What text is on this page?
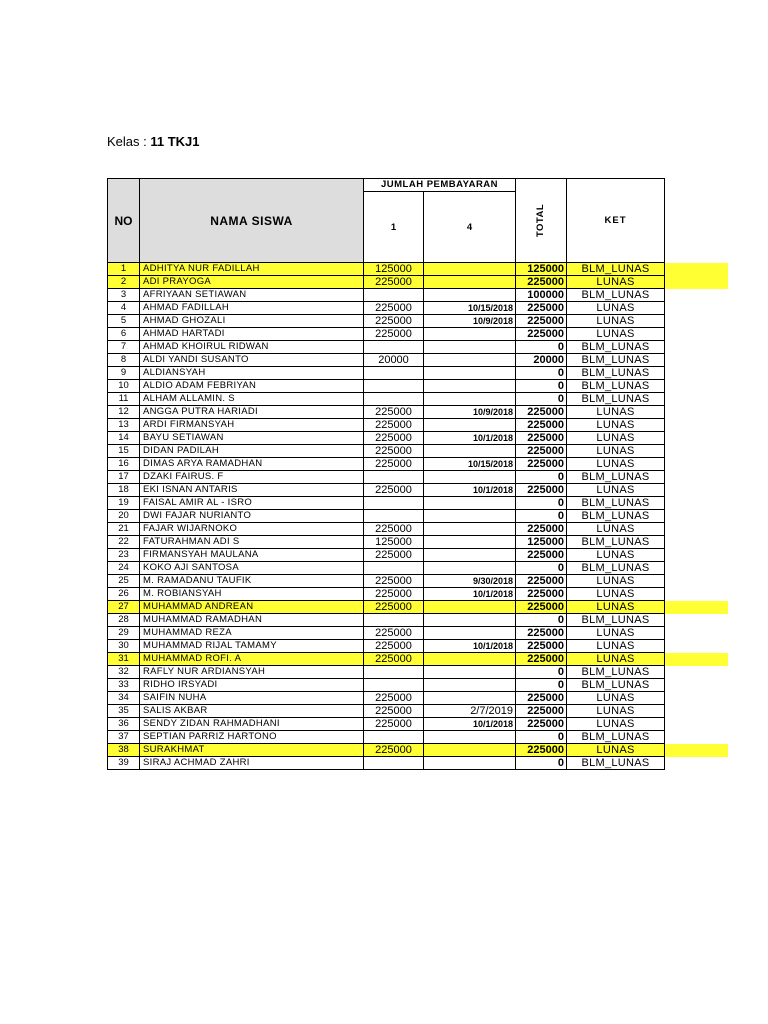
Kelas : 11 TKJ1
NO	NAMA SISWA	JUMLAH PEMBAYARAN		TOTAL	KET
		1	4		
1	ADHITYA NUR FADILLAH	125000		125000	BLM_LUNAS
2	ADI PRAYOGA	225000		225000	LUNAS
3	AFRIYAAN SETIAWAN			100000	BLM_LUNAS
4	AHMAD FADILLAH	225000	10/15/2018	225000	LUNAS
5	AHMAD GHOZALI	225000	10/9/2018	225000	LUNAS
6	AHMAD HARTADI	225000		225000	LUNAS
7	AHMAD KHOIRUL RIDWAN			0	BLM_LUNAS
8	ALDI YANDI SUSANTO	20000		20000	BLM_LUNAS
9	ALDIANSYAH			0	BLM_LUNAS
10	ALDIO ADAM FEBRIYAN			0	BLM_LUNAS
11	ALHAM ALLAMIN. S			0	BLM_LUNAS
12	ANGGA PUTRA HARIADI	225000	10/9/2018	225000	LUNAS
13	ARDI FIRMANSYAH	225000		225000	LUNAS
14	BAYU SETIAWAN	225000	10/1/2018	225000	LUNAS
15	DIDAN PADILAH	225000		225000	LUNAS
16	DIMAS ARYA RAMADHAN	225000	10/15/2018	225000	LUNAS
17	DZAKI FAIRUS. F			0	BLM_LUNAS
18	EKI ISNAN ANTARIS	225000	10/1/2018	225000	LUNAS
19	FAISAL AMIR AL - ISRO			0	BLM_LUNAS
20	DWI FAJAR NURIANTO			0	BLM_LUNAS
21	FAJAR WIJARNOKO	225000		225000	LUNAS
22	FATURAHMAN ADI S	125000		125000	BLM_LUNAS
23	FIRMANSYAH MAULANA	225000		225000	LUNAS
24	KOKO AJI SANTOSA			0	BLM_LUNAS
25	M. RAMADANU TAUFIK	225000	9/30/2018	225000	LUNAS
26	M. ROBIANSYAH	225000	10/1/2018	225000	LUNAS
27	MUHAMMAD ANDREAN	225000		225000	LUNAS
28	MUHAMMAD RAMADHAN			0	BLM_LUNAS
29	MUHAMMAD REZA	225000		225000	LUNAS
30	MUHAMMAD RIJAL TAMAMY	225000	10/1/2018	225000	LUNAS
31	MUHAMMAD ROFI. A	225000		225000	LUNAS
32	RAFLY NUR ARDIANSYAH			0	BLM_LUNAS
33	RIDHO IRSYADI			0	BLM_LUNAS
34	SAIFIN NUHA	225000		225000	LUNAS
35	SALIS AKBAR	225000	2/7/2019	225000	LUNAS
36	SENDY ZIDAN RAHMADHANI	225000	10/1/2018	225000	LUNAS
37	SEPTIAN PARRIZ HARTONO			0	BLM_LUNAS
38	SURAKHMAT	225000		225000	LUNAS
39	SIRAJ ACHMAD ZAHRI			0	BLM_LUNAS
